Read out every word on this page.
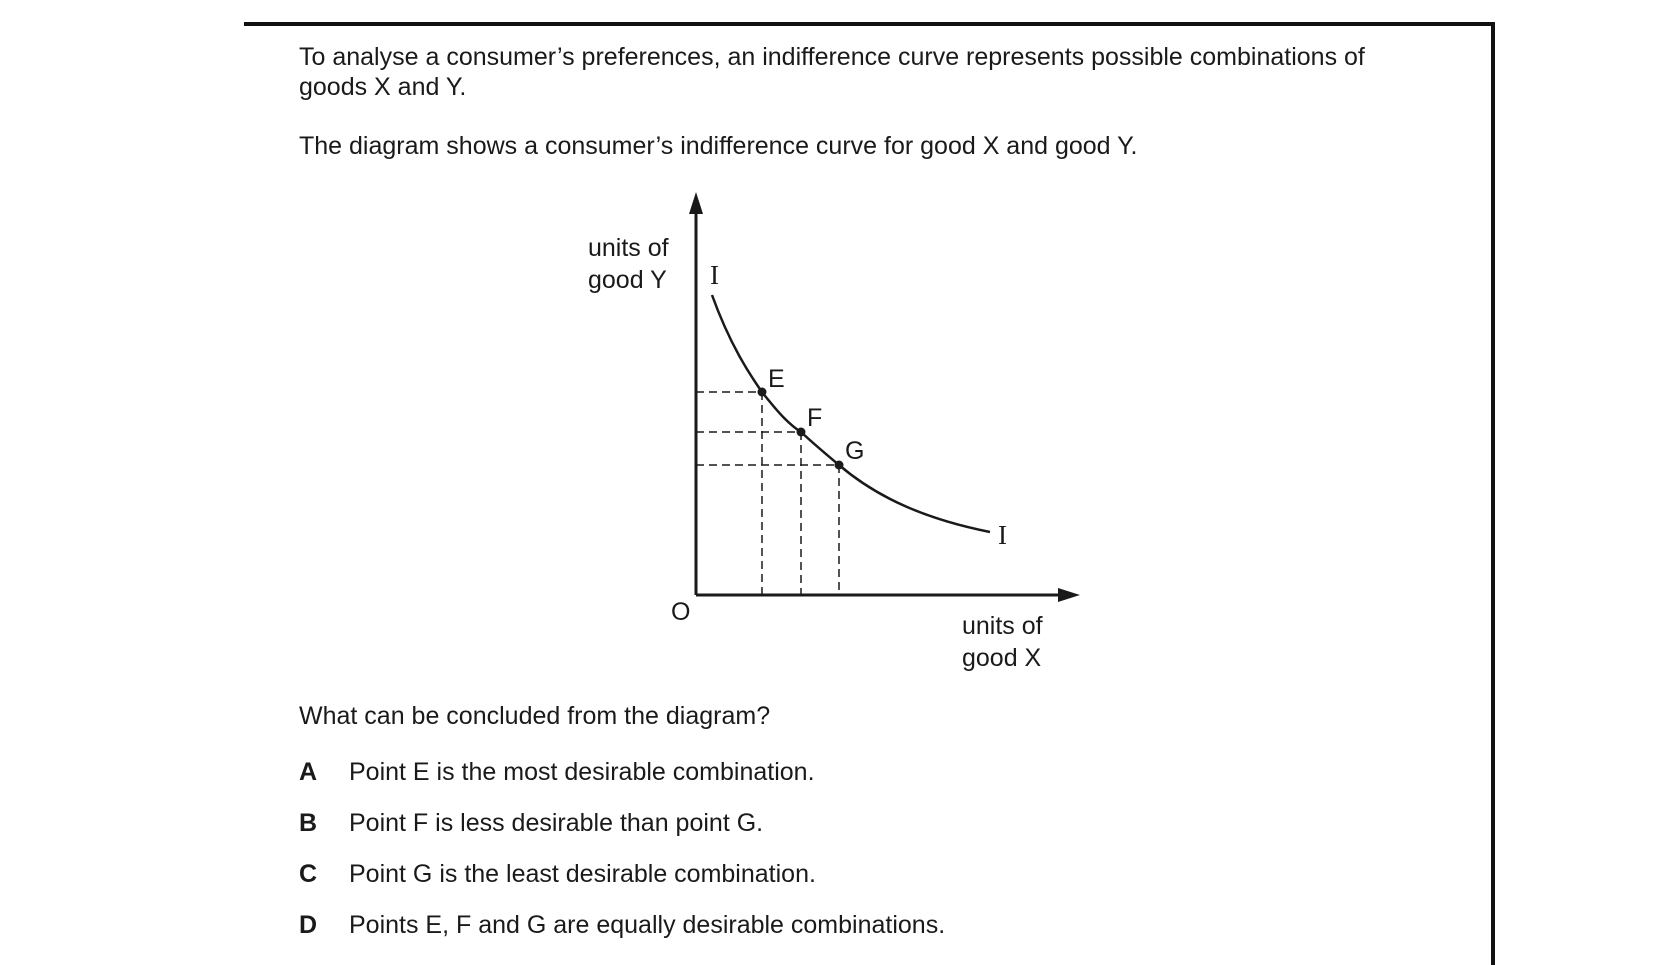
To analyse a consumer’s preferences, an indifference curve represents possible combinations of

goods X and Y.

The diagram shows a consumer’s indifference curve for good X and good Y.

E
F
G
I
I
units of
good Y
units of
good X
O

What can be concluded from the diagram?

A Point E is the most desirable combination.
B Point F is less desirable than point G.
C Point G is the least desirable combination.
D Points E, F and G are equally desirable combinations.
